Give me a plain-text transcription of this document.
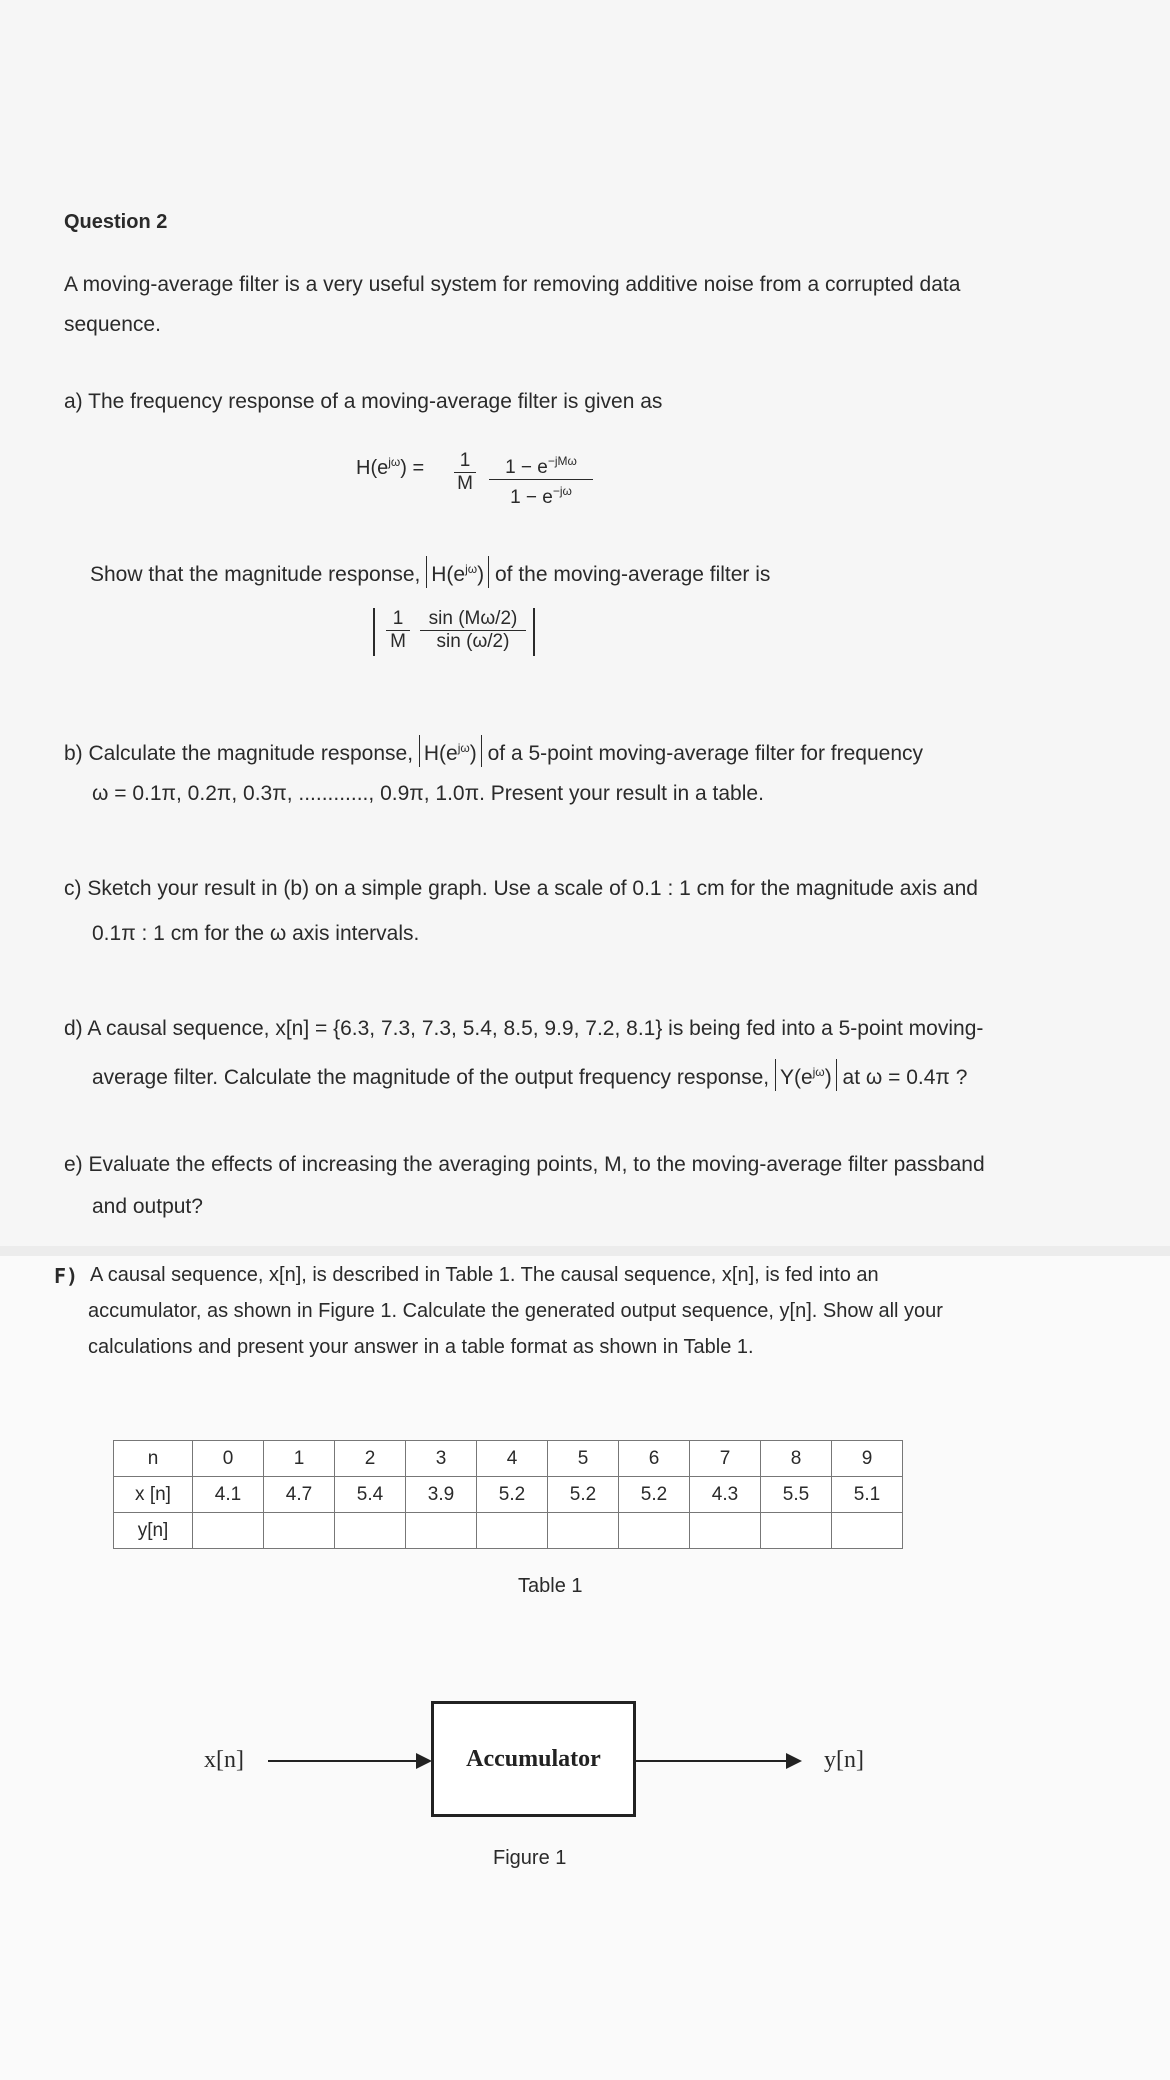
Question 2
A moving-average filter is a very useful system for removing additive noise from a corrupted data
sequence.
a) The frequency response of a moving-average filter is given as
$H(e^{j\omega}) = \frac{1}{M}$	$1 - e^{-jM\omega}$
$1 - e^{-j\omega}$
Show that the magnitude response, $H(e^{j\omega})$ of the moving-average filter is
$\frac{1}{M} \frac{\sin (M\omega/2)}{\sin (\omega/2)}$
b) Calculate the magnitude response, $H(e^{j\omega})$ of a 5-point moving-average filter for frequency
ω = 0.1π, 0.2π, 0.3π, ............, 0.9π, 1.0π. Present your result in a table.
c) Sketch your result in (b) on a simple graph. Use a scale of 0.1 : 1 cm for the magnitude axis and
0.1π : 1 cm for the ω axis intervals.
d) A causal sequence, x[n] = {6.3, 7.3, 7.3, 5.4, 8.5, 9.9, 7.2, 8.1} is being fed into a 5-point moving-
average filter. Calculate the magnitude of the output frequency response, $Y(e^{j\omega})$ at ω = 0.4π ?
e) Evaluate the effects of increasing the averaging points, M, to the moving-average filter passband
and output?
F) A causal sequence, x[n], is described in Table 1. The causal sequence, x[n], is fed into an
accumulator, as shown in Figure 1. Calculate the generated output sequence, y[n]. Show all your
calculations and present your answer in a table format as shown in Table 1.
n	0	1	2	3	4	5	6	7	8	9
x [n]	4.1	4.7	5.4	3.9	5.2	5.2	5.2	4.3	5.5	5.1
y[n]										
Table 1
x[n]	Accumulator	y[n]
Figure 1
